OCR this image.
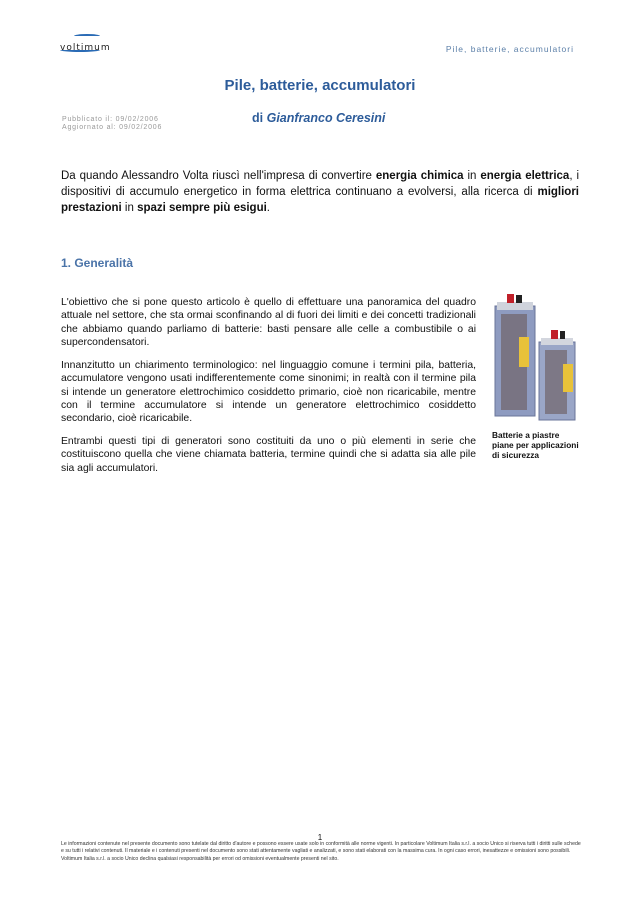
voltimum	Pile, batterie, accumulatori
Pile, batterie, accumulatori
di Gianfranco Ceresini
Pubblicato il: 09/02/2006
Aggiornato al: 09/02/2006
Da quando Alessandro Volta riuscì nell'impresa di convertire energia chimica in energia elettrica, i dispositivi di accumulo energetico in forma elettrica continuano a evolversi, alla ricerca di migliori prestazioni in spazi sempre più esigui.
1. Generalità
L'obiettivo che si pone questo articolo è quello di effettuare una panoramica del quadro attuale nel settore, che sta ormai sconfinando al di fuori dei limiti e dei concetti tradizionali che abbiamo quando parliamo di batterie: basti pensare alle celle a combustibile o ai supercondensatori.
Innanzitutto un chiarimento terminologico: nel linguaggio comune i termini pila, batteria, accumulatore vengono usati indifferentemente come sinonimi; in realtà con il termine pila si intende un generatore elettrochimico cosiddetto primario, cioè non ricaricabile, mentre con il termine accumulatore si intende un generatore elettrochimico cosiddetto secondario, cioè ricaricabile.
Entrambi questi tipi di generatori sono costituiti da uno o più elementi in serie che costituiscono quella che viene chiamata batteria, termine quindi che si adatta sia alle pile sia agli accumulatori.
Batterie a piastre piane per applicazioni di sicurezza
1
Le informazioni contenute nel presente documento sono tutelate dal diritto d'autore e possono essere usate solo in conformità alle norme vigenti. In particolare Voltimum Italia s.r.l. a socio Unico si riserva tutti i diritti sulle schede e su tutti i relativi contenuti. Il materiale e i contenuti presenti nel documento sono stati attentamente vagliati e analizzati, e sono stati elaborati con la massima cura. In ogni caso errori, inesattezze e omissioni sono possibili. Voltimum Italia s.r.l. a socio Unico declina qualsiasi responsabilità per errori od omissioni eventualmente presenti nel sito.
